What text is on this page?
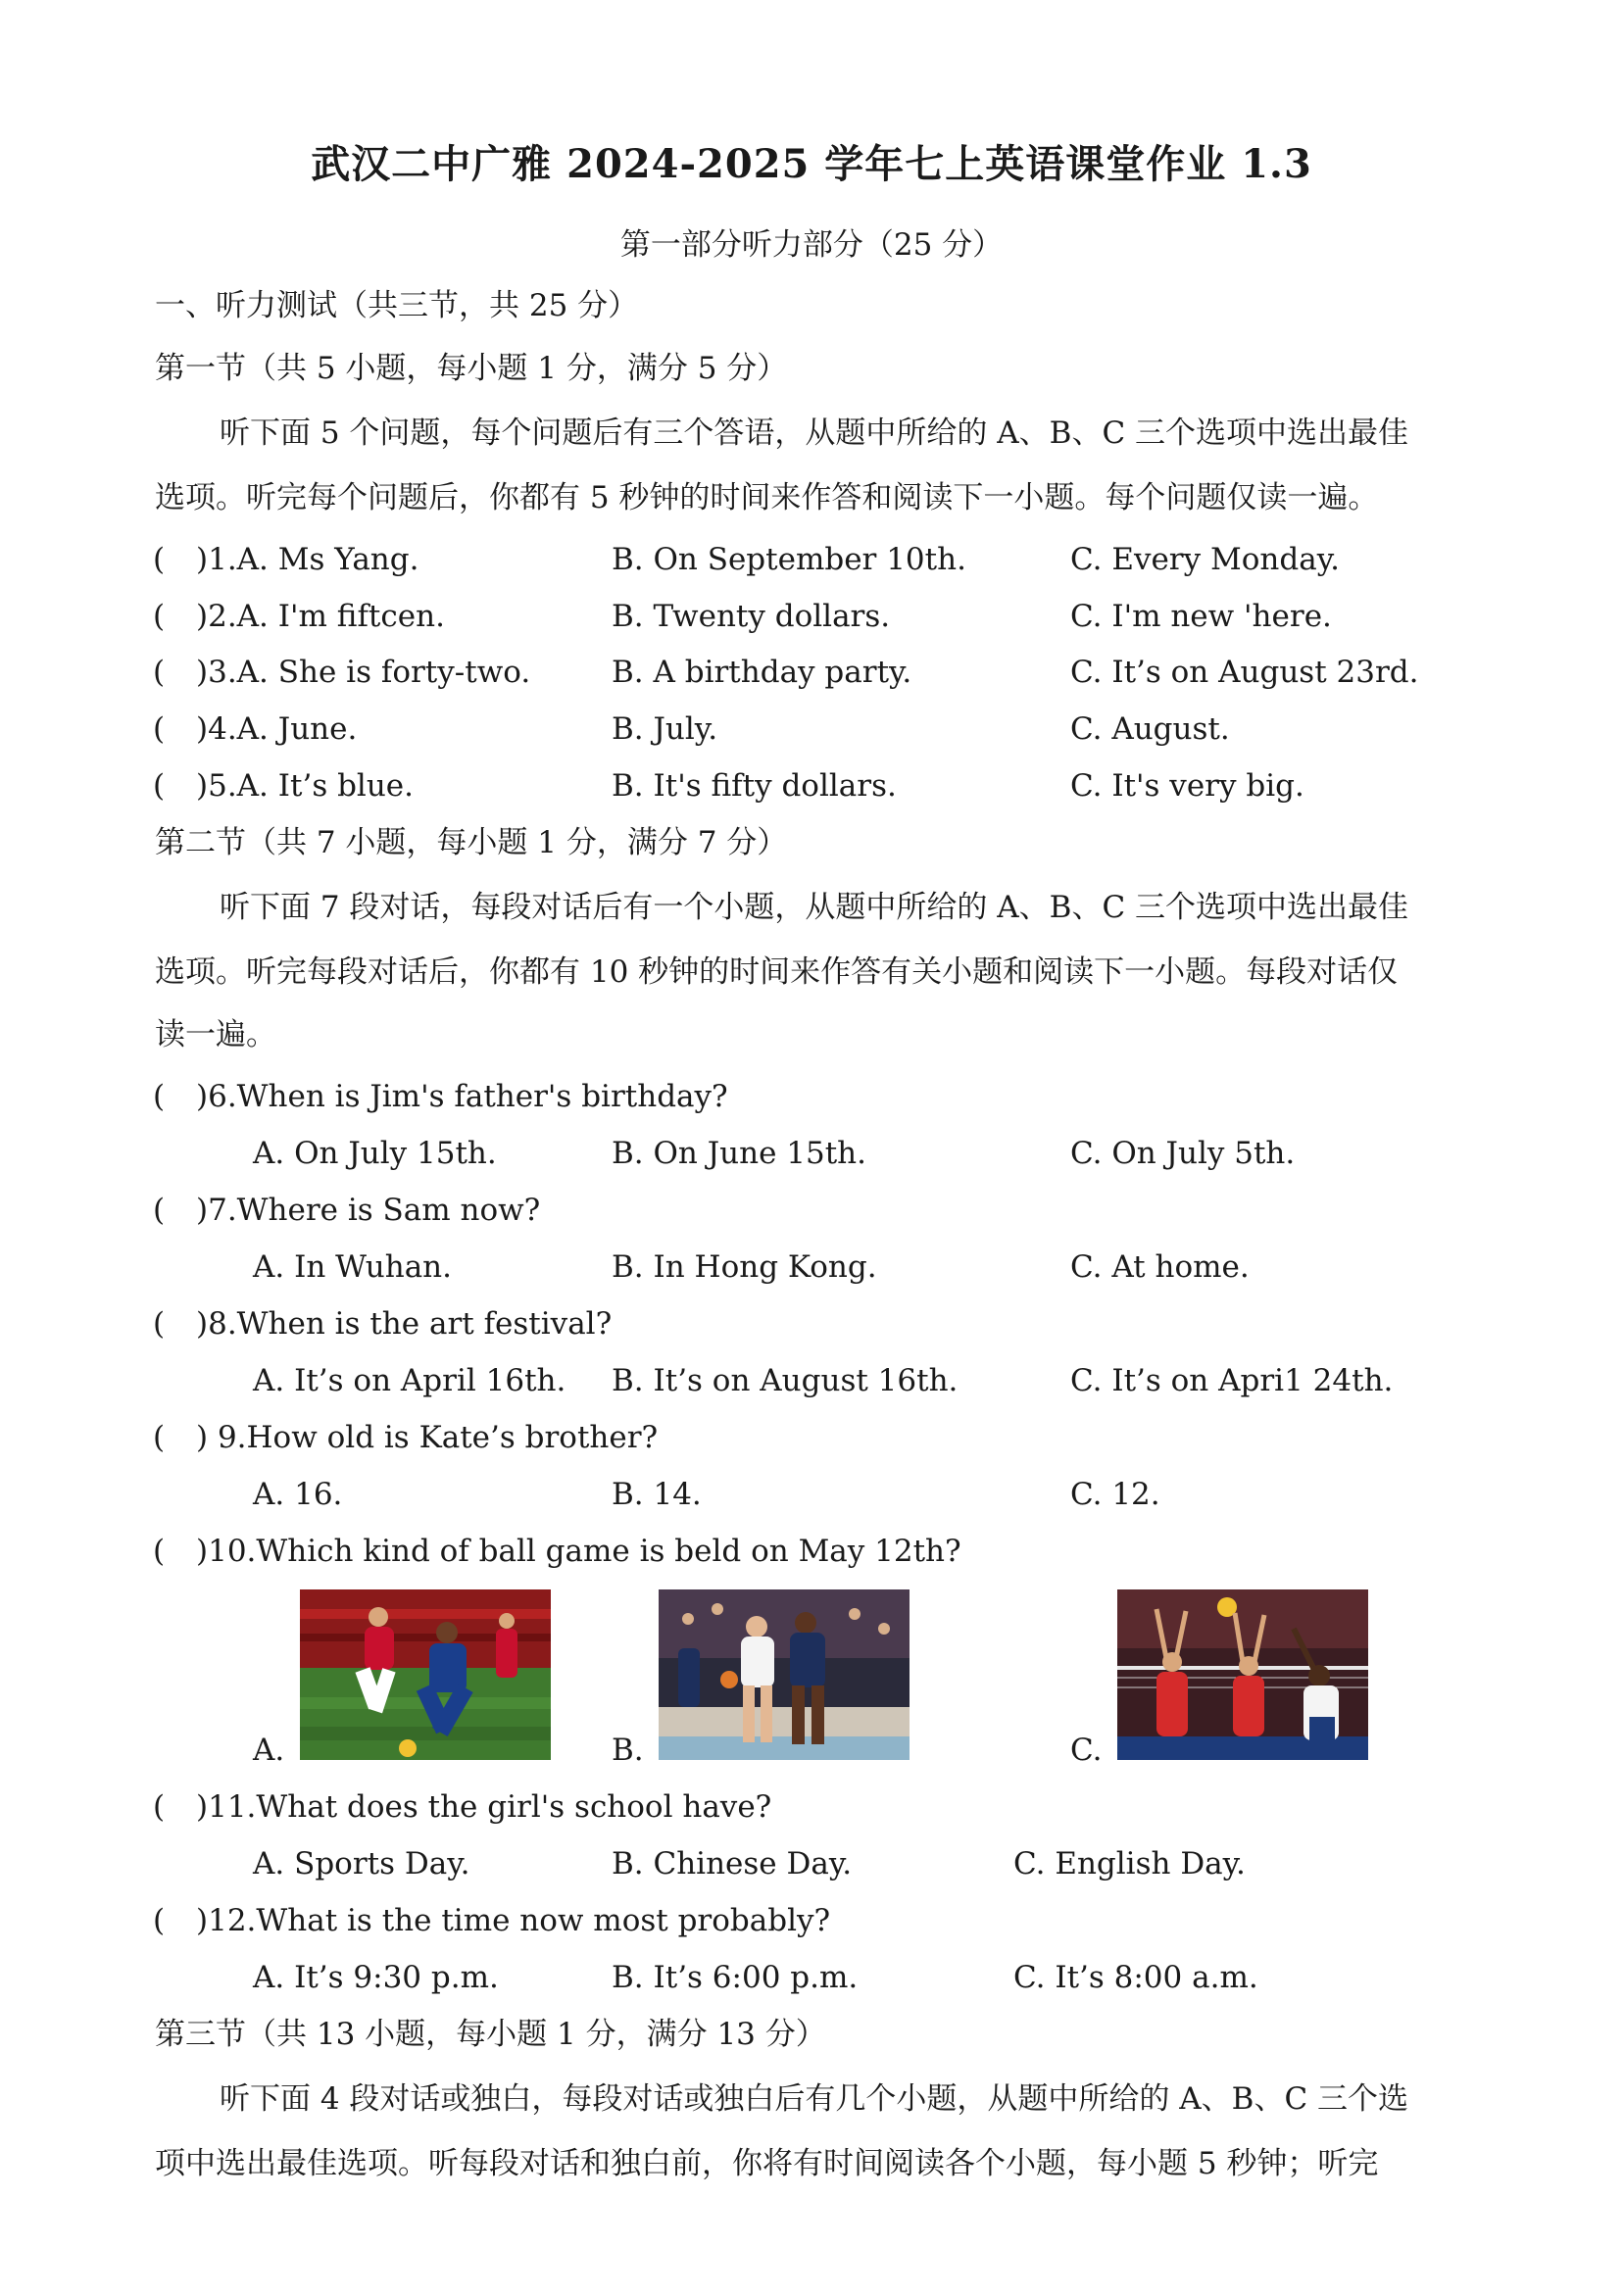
武汉二中广雅 2024-2025 学年七上英语课堂作业 1.3
第一部分听力部分（25 分）
一、听力测试（共三节，共 25 分）
第一节（共 5 小题，每小题 1 分，满分 5 分）
听下面 5 个问题，每个问题后有三个答语，从题中所给的 A、B、C 三个选项中选出最佳
选项。听完每个问题后，你都有 5 秒钟的时间来作答和阅读下一小题。每个问题仅读一遍。
( )1.A. Ms Yang.	B. On September 10th.	C. Every Monday.
( )2.A. I'm fiftcen.	B. Twenty dollars.	C. I'm new 'here.
( )3.A. She is forty-two.	B. A birthday party.	C. It’s on August 23rd.
( )4.A. June.	B. July.	C. August.
( )5.A. It’s blue.	B. It's fifty dollars.	C. It's very big.
第二节（共 7 小题，每小题 1 分，满分 7 分）
听下面 7 段对话，每段对话后有一个小题，从题中所给的 A、B、C 三个选项中选出最佳
选项。听完每段对话后，你都有 10 秒钟的时间来作答有关小题和阅读下一小题。每段对话仅
读一遍。
( )6.When is Jim's father's birthday?
A. On July 15th.	B. On June 15th.	C. On July 5th.
( )7.Where is Sam now?
A. In Wuhan.	B. In Hong Kong.	C. At home.
( )8.When is the art festival?
A. It’s on April 16th. B. It’s on August 16th.	C. It’s on Apri1 24th.
( ) 9.How old is Kate’s brother?
A. 16.	B. 14.	C. 12.
( )10.Which kind of ball game is beld on May 12th?
A.	B.	C.
( )11.What does the girl's school have?
A. Sports Day.	B. Chinese Day.	C. English Day.
( )12.What is the time now most probably?
A. It’s 9:30 p.m.	B. It’s 6:00 p.m.	C. It’s 8:00 a.m.
第三节（共 13 小题，每小题 1 分，满分 13 分）
听下面 4 段对话或独白，每段对话或独白后有几个小题，从题中所给的 A、B、C 三个选
项中选出最佳选项。听每段对话和独白前，你将有时间阅读各个小题，每小题 5 秒钟；听完
